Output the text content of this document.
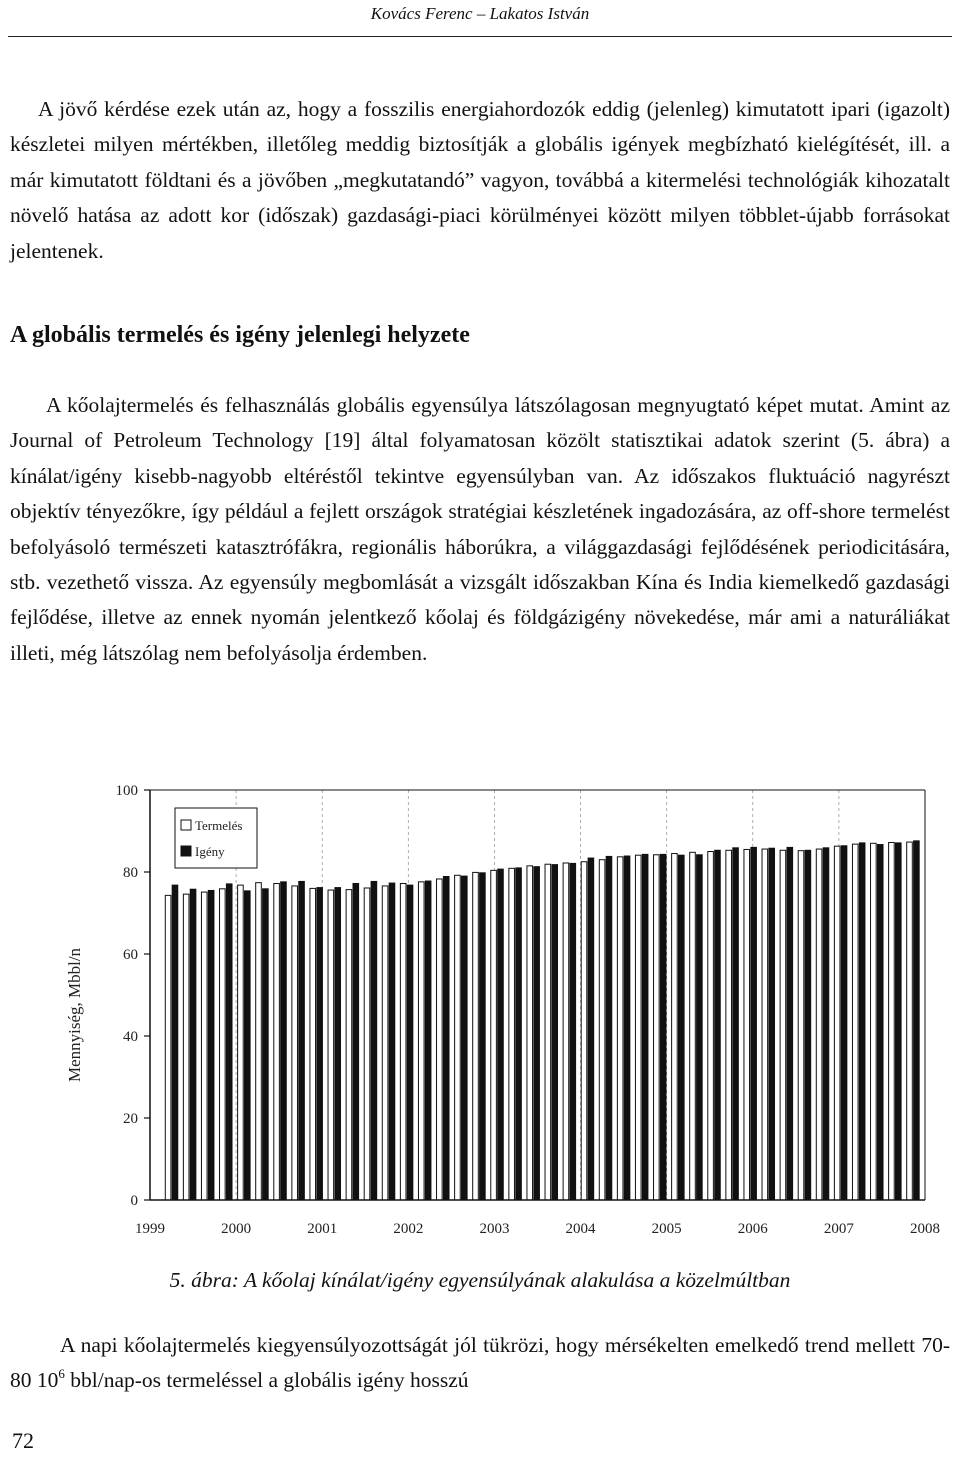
Kovács Ferenc – Lakatos István

A jövő kérdése ezek után az, hogy a fosszilis energiahordozók eddig (jelenleg) kimutatott ipari (igazolt) készletei milyen mértékben, illetőleg meddig biztosítják a globális igények megbízható kielégítését, ill. a már kimutatott földtani és a jövőben „megkutatandó” vagyon, továbbá a kitermelési technológiák kihozatalt növelő hatása az adott kor (időszak) gazdasági-piaci körülményei között milyen többlet-újabb forrásokat jelentenek.

A globális termelés és igény jelenlegi helyzete

A kőolajtermelés és felhasználás globális egyensúlya látszólagosan megnyugtató képet mutat. Amint az Journal of Petroleum Technology [19] által folyamatosan közölt statisztikai adatok szerint (5. ábra) a kínálat/igény kisebb-nagyobb eltéréstől tekintve egyensúlyban van. Az időszakos fluktuáció nagyrészt objektív tényezőkre, így például a fejlett országok stratégiai készletének ingadozására, az off-shore termelést befolyásoló természeti katasztrófákra, regionális háborúkra, a világgazdasági fejlődésének periodicitására, stb. vezethető vissza. Az egyensúly megbomlását a vizsgált időszakban Kína és India kiemelkedő gazdasági fejlődése, illetve az ennek nyomán jelentkező kőolaj és földgázigény növekedése, már ami a naturáliákat illeti, még látszólag nem befolyásolja érdemben.

1999	2000	2001	2002	2003	2004	2005	2006	2007	2008
0
20
40
60
80
100
Termelés
Igény
Mennyiség, Mbbl/n
5. ábra: A kőolaj kínálat/igény egyensúlyának alakulása a közelmúltban

A napi kőolajtermelés kiegyensúlyozottságát jól tükrözi, hogy mérsékelten emelkedő trend mellett 70-80 $10^6$ bbl/nap-os termeléssel a globális igény hosszú

72
